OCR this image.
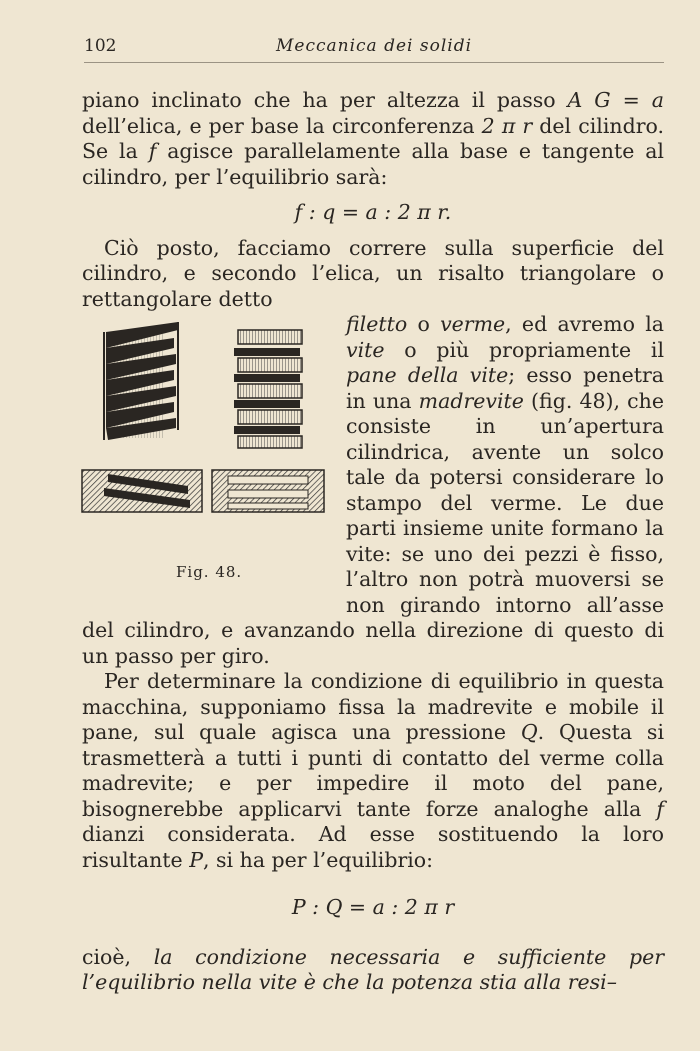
102	Meccanica dei solidi

piano inclinato che ha per altezza il passo A G = a dell’elica, e per base la circonferenza 2 π r del cilindro. Se la f agisce parallelamente alla base e tangente al cilindro, per l’equilibrio sarà:

f : q = a : 2 π r.

Ciò posto, facciamo correre sulla superficie del cilindro, e secondo l’elica, un risalto triangolare o rettangolare detto

Fig. 48.

filetto o verme, ed avremo la vite o più propriamente il pane della vite; esso penetra in una madrevite (fig. 48), che consiste in un’apertura cilindrica, avente un solco tale da potersi considerare lo stampo del verme. Le due parti insieme unite formano la vite: se uno dei pezzi è fisso, l’altro non potrà muoversi se non girando intorno all’asse del cilindro, e avanzando nella direzione di questo di un passo per giro.

Per determinare la condizione di equilibrio in questa macchina, supponiamo fissa la madrevite e mobile il pane, sul quale agisca una pressione Q. Questa si trasmetterà a tutti i punti di contatto del verme colla madrevite; e per impedire il moto del pane, bisognerebbe applicarvi tante forze analoghe alla f dianzi considerata. Ad esse sostituendo la loro risultante P, si ha per l’equilibrio:

P : Q = a : 2 π r

cioè, la condizione necessaria e sufficiente per l’equilibrio nella vite è che la potenza stia alla resi–
